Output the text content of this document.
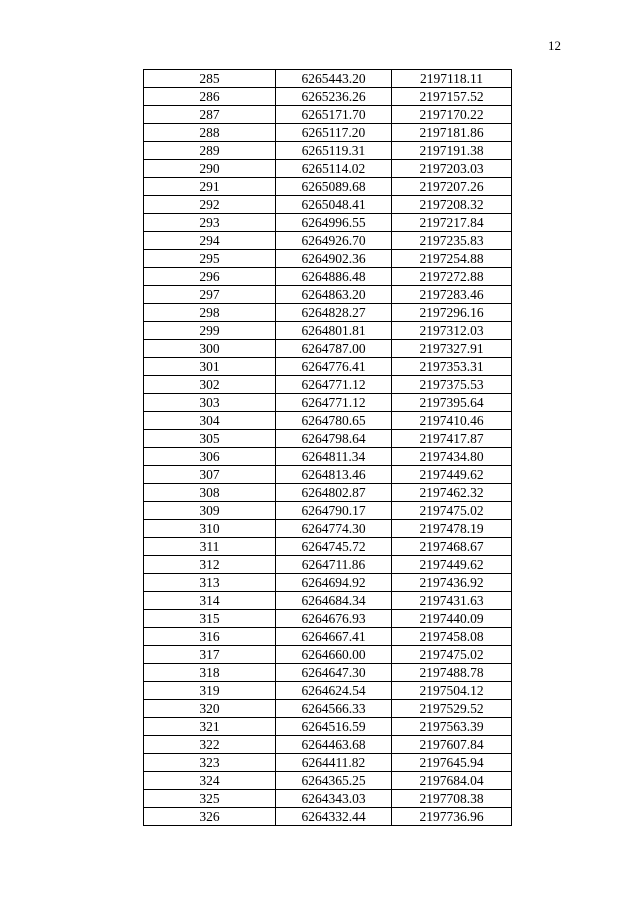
12
285	6265443.20	2197118.11
286	6265236.26	2197157.52
287	6265171.70	2197170.22
288	6265117.20	2197181.86
289	6265119.31	2197191.38
290	6265114.02	2197203.03
291	6265089.68	2197207.26
292	6265048.41	2197208.32
293	6264996.55	2197217.84
294	6264926.70	2197235.83
295	6264902.36	2197254.88
296	6264886.48	2197272.88
297	6264863.20	2197283.46
298	6264828.27	2197296.16
299	6264801.81	2197312.03
300	6264787.00	2197327.91
301	6264776.41	2197353.31
302	6264771.12	2197375.53
303	6264771.12	2197395.64
304	6264780.65	2197410.46
305	6264798.64	2197417.87
306	6264811.34	2197434.80
307	6264813.46	2197449.62
308	6264802.87	2197462.32
309	6264790.17	2197475.02
310	6264774.30	2197478.19
311	6264745.72	2197468.67
312	6264711.86	2197449.62
313	6264694.92	2197436.92
314	6264684.34	2197431.63
315	6264676.93	2197440.09
316	6264667.41	2197458.08
317	6264660.00	2197475.02
318	6264647.30	2197488.78
319	6264624.54	2197504.12
320	6264566.33	2197529.52
321	6264516.59	2197563.39
322	6264463.68	2197607.84
323	6264411.82	2197645.94
324	6264365.25	2197684.04
325	6264343.03	2197708.38
326	6264332.44	2197736.96
